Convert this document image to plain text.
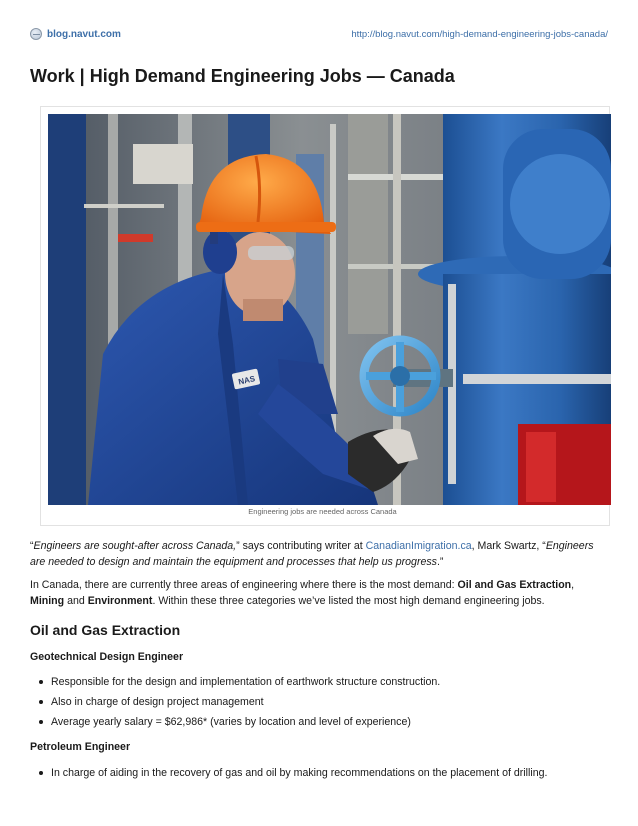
blog.navut.com	http://blog.navut.com/high-demand-engineering-jobs-canada/
Work | High Demand Engineering Jobs — Canada
NAS
Engineering jobs are needed across Canada
“Engineers are sought-after across Canada,” says contributing writer at CanadianImigration.ca, Mark Swartz, “Engineers are needed to design and maintain the equipment and processes that help us progress.”
In Canada, there are currently three areas of engineering where there is the most demand: Oil and Gas Extraction, Mining and Environment. Within these three categories we’ve listed the most high demand engineering jobs.
Oil and Gas Extraction
Geotechnical Design Engineer
Responsible for the design and implementation of earthwork structure construction.
Also in charge of design project management
Average yearly salary = $62,986* (varies by location and level of experience)
Petroleum Engineer
In charge of aiding in the recovery of gas and oil by making recommendations on the placement of drilling.
